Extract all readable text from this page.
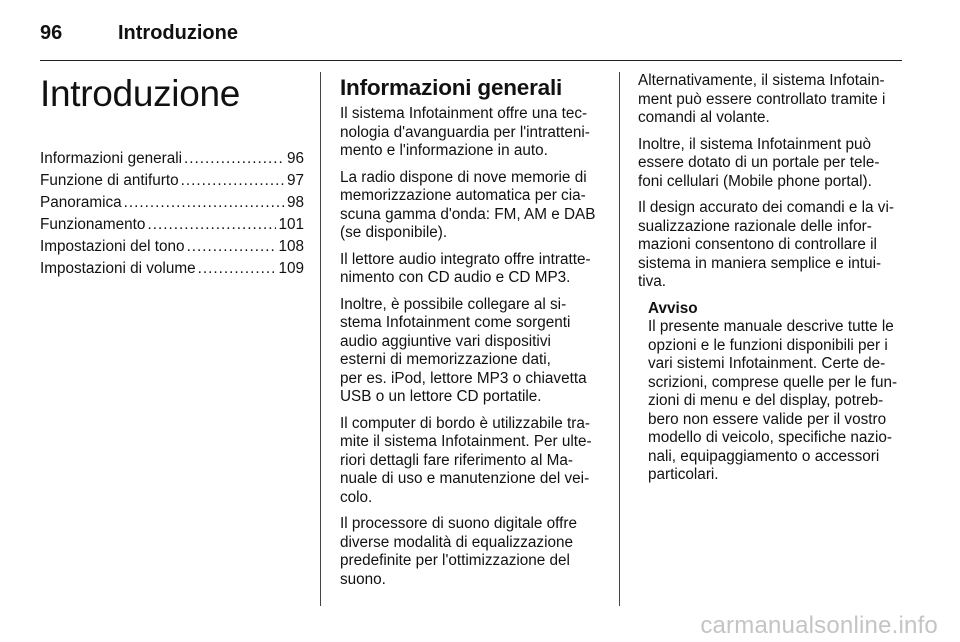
96	Introduzione
Introduzione
Informazioni generali .....	96
Funzione di antifurto .....	97
Panoramica .....	98
Funzionamento .....	101
Impostazioni del tono .....	108
Impostazioni di volume .....	109
Informazioni generali

Il sistema Infotainment offre una tec-
nologia d'avanguardia per l'intratteni-
mento e l'informazione in auto.

La radio dispone di nove memorie di
memorizzazione automatica per cia-
scuna gamma d'onda: FM, AM e DAB
(se disponibile).

Il lettore audio integrato offre intratte-
nimento con CD audio e CD MP3.

Inoltre, è possibile collegare al si-
stema Infotainment come sorgenti
audio aggiuntive vari dispositivi
esterni di memorizzazione dati,
per es. iPod, lettore MP3 o chiavetta
USB o un lettore CD portatile.

Il computer di bordo è utilizzabile tra-
mite il sistema Infotainment. Per ulte-
riori dettagli fare riferimento al Ma-
nuale di uso e manutenzione del vei-
colo.

Il processore di suono digitale offre
diverse modalità di equalizzazione
predefinite per l'ottimizzazione del
suono.

Alternativamente, il sistema Infotain-
ment può essere controllato tramite i
comandi al volante.

Inoltre, il sistema Infotainment può
essere dotato di un portale per tele-
foni cellulari (Mobile phone portal).

Il design accurato dei comandi e la vi-
sualizzazione razionale delle infor-
mazioni consentono di controllare il
sistema in maniera semplice e intui-
tiva.

Avviso
Il presente manuale descrive tutte le opzioni e le funzioni disponibili per i vari sistemi Infotainment. Certe de- scrizioni, comprese quelle per le fun- zioni di menu e del display, potreb- bero non essere valide per il vostro modello di veicolo, specifiche nazio- nali, equipaggiamento o accessori particolari.
carmanualsonline.info
